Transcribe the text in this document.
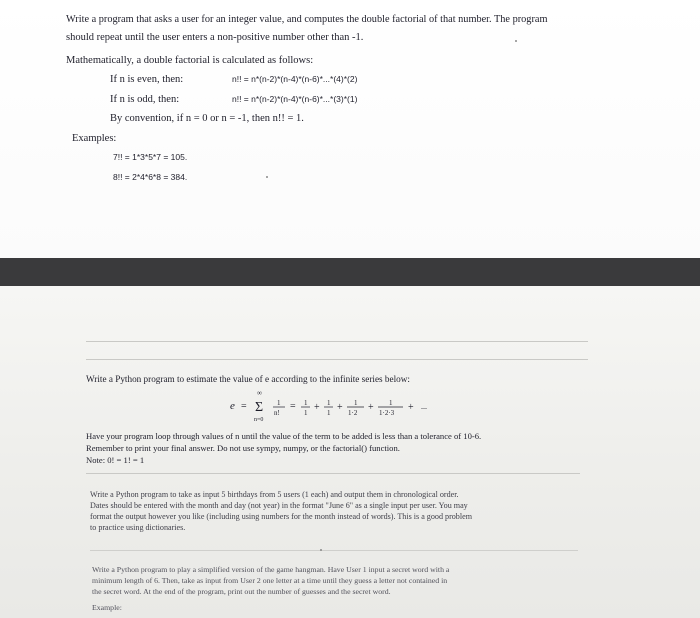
Write a program that asks a user for an integer value, and computes the double factorial of that number. The program
should repeat until the user enters a non-positive number other than -1.
Mathematically, a double factorial is calculated as follows:
If n is even, then:	n!! = n*(n-2)*(n-4)*(n-6)*...*(4)*(2)
If n is odd, then:	n!! = n*(n-2)*(n-4)*(n-6)*...*(3)*(1)
By convention, if n = 0 or n = -1, then n!! = 1.
Examples:
7!! = 1*3*5*7 = 105.
8!! = 2*4*6*8 = 384.
Write a Python program to estimate the value of e according to the infinite series below:
e =
∞
Σ
n=0
1
n!
= 1
1 + 1
1 + 1
1·2 + 1
1·2·3 + ...
Have your program loop through values of n until the value of the term to be added is less than a tolerance of 10-6.
Remember to print your final answer. Do not use sympy, numpy, or the factorial() function.
Note: 0! = 1! = 1
Write a Python program to take as input 5 birthdays from 5 users (1 each) and output them in chronological order.
Dates should be entered with the month and day (not year) in the format "June 6" as a single input per user. You may
format the output however you like (including using numbers for the month instead of words). This is a good problem
to practice using dictionaries.
Write a Python program to play a simplified version of the game hangman. Have User 1 input a secret word with a
minimum length of 6. Then, take as input from User 2 one letter at a time until they guess a letter not contained in
the secret word. At the end of the program, print out the number of guesses and the secret word.
Example:
